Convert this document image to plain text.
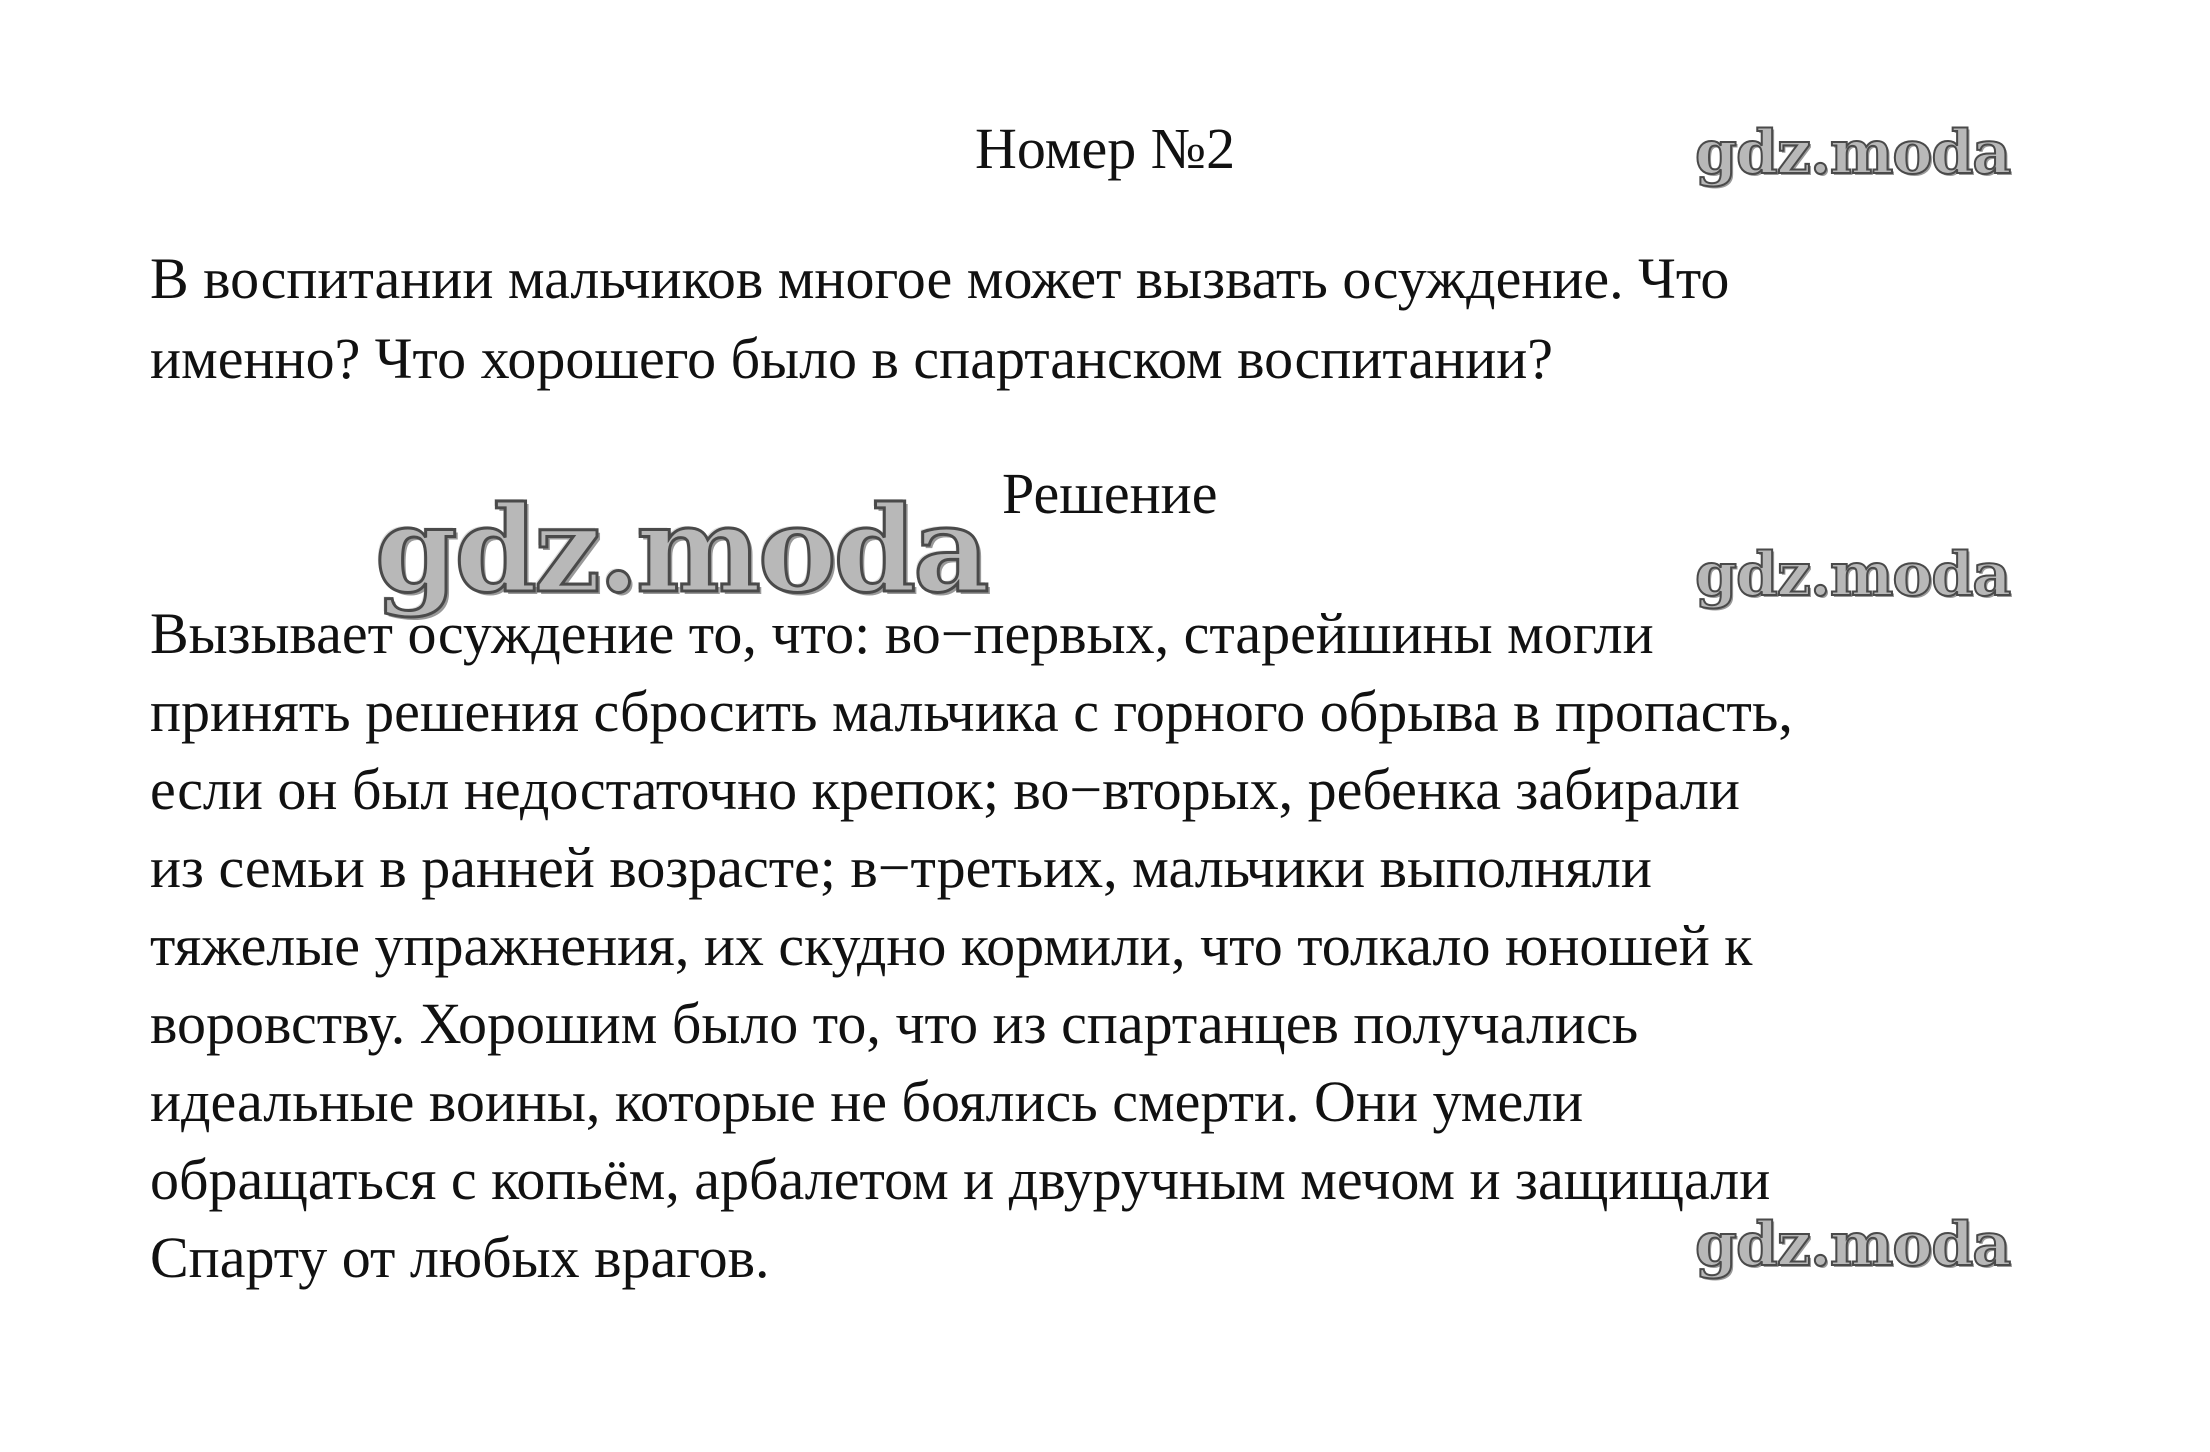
Номер №2
В воспитании мальчиков многое может вызвать осуждение. Что
именно? Что хорошего было в спартанском воспитании?
Решение
Вызывает осуждение то, что: во−первых, старейшины могли
принять решения сбросить мальчика с горного обрыва в пропасть,
если он был недостаточно крепок; во−вторых, ребенка забирали
из семьи в ранней возрасте; в−третьих, мальчики выполняли
тяжелые упражнения, их скудно кормили, что толкало юношей к
воровству. Хорошим было то, что из спартанцев получались
идеальные воины, которые не боялись смерти. Они умели
обращаться с копьём, арбалетом и двуручным мечом и защищали
Спарту от любых врагов.
gdz.moda
gdz.moda	gdz.moda
gdz.moda
